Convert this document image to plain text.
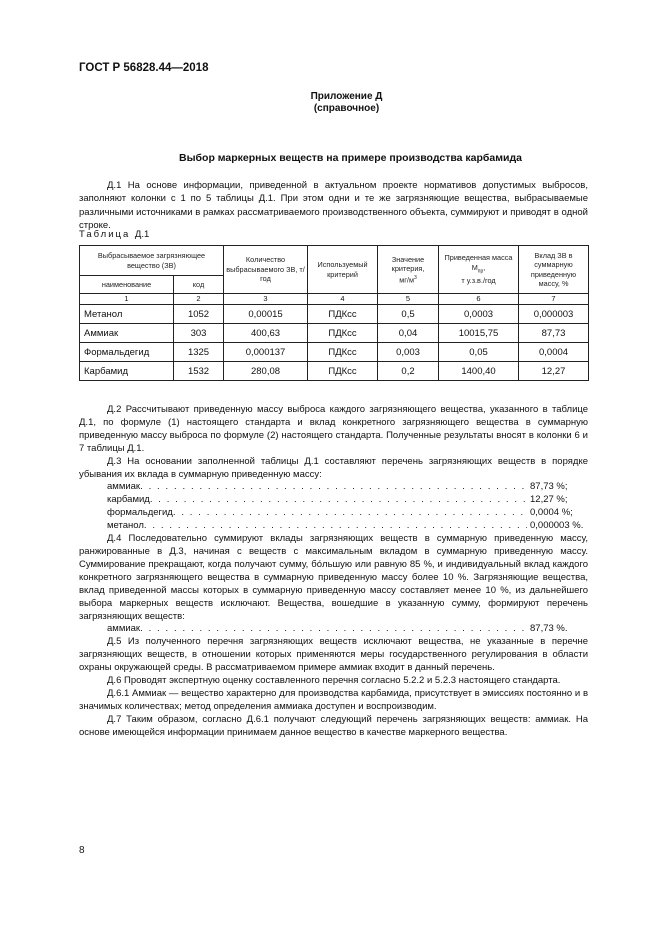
ГОСТ Р 56828.44—2018
Приложение Д
(справочное)
Выбор маркерных веществ на примере производства карбамида
Д.1 На основе информации, приведенной в актуальном проекте нормативов допустимых выбросов, заполняют колонки с 1 по 5 таблицы Д.1. При этом одни и те же загрязняющие вещества, выбрасываемые различными источниками в рамках рассматриваемого производственного объекта, суммируют и приводят в одной строке.
Таблица Д.1
Выбрасываемое загрязняющее вещество (ЗВ)		Количество выбрасываемого ЗВ, т/год	Используемый критерий	Значение критерия,
$мг/м^3$	Приведенная масса $М_{пр}$,
т у.з.в./год	Вклад ЗВ в суммарную приведенную массу, %
наименование	код					
1	2	3	4	5	6	7
Метанол	1052	0,00015	ПДКсс	0,5	0,0003	0,000003
Аммиак	303	400,63	ПДКсс	0,04	10015,75	87,73
Формальдегид	1325	0,000137	ПДКсс	0,003	0,05	0,0004
Карбамид	1532	280,08	ПДКсс	0,2	1400,40	12,27

Д.2 Рассчитывают приведенную массу выброса каждого загрязняющего вещества, указанного в таблице Д.1, по формуле (1) настоящего стандарта и вклад конкретного загрязняющего вещества в суммарную приведенную массу выброса по формуле (2) настоящего стандарта. Полученные результаты вносят в колонки 6 и 7 таблицы Д.1.

Д.3 На основании заполненной таблицы Д.1 составляют перечень загрязняющих веществ в порядке убывания их вклада в суммарную приведенную массу:

аммиак . . .	87,73 %;
карбамид . . .	12,27 %;
формальдегид . . .	0,0004 %;
метанол . . .	0,000003 %.

Д.4 Последовательно суммируют вклады загрязняющих веществ в суммарную приведенную массу, ранжированные в Д.3, начиная с веществ с максимальным вкладом в суммарную приведенную массу. Суммирование прекращают, когда получают сумму, бо́льшую или равную 85 %, и индивидуальный вклад каждого конкретного загрязняющего вещества в суммарную приведенную массу более 10 %. Загрязняющие вещества, вклад приведенной массы которых в суммарную приведенную массу составляет менее 10 %, из дальнейшего выбора маркерных веществ исключают. Вещества, вошедшие в указанную сумму, формируют перечень загрязняющих веществ:

аммиак . . .	87,73 %.

Д.5 Из полученного перечня загрязняющих веществ исключают вещества, не указанные в перечне загрязняющих веществ, в отношении которых применяются меры государственного регулирования в области охраны окружающей среды. В рассматриваемом примере аммиак входит в данный перечень.

Д.6 Проводят экспертную оценку составленного перечня согласно 5.2.2 и 5.2.3 настоящего стандарта.

Д.6.1 Аммиак — вещество характерно для производства карбамида, присутствует в эмиссиях постоянно и в значимых количествах; метод определения аммиака доступен и воспроизводим.

Д.7 Таким образом, согласно Д.6.1 получают следующий перечень загрязняющих веществ: аммиак. На основе имеющейся информации принимаем данное вещество в качестве маркерного вещества.

8
